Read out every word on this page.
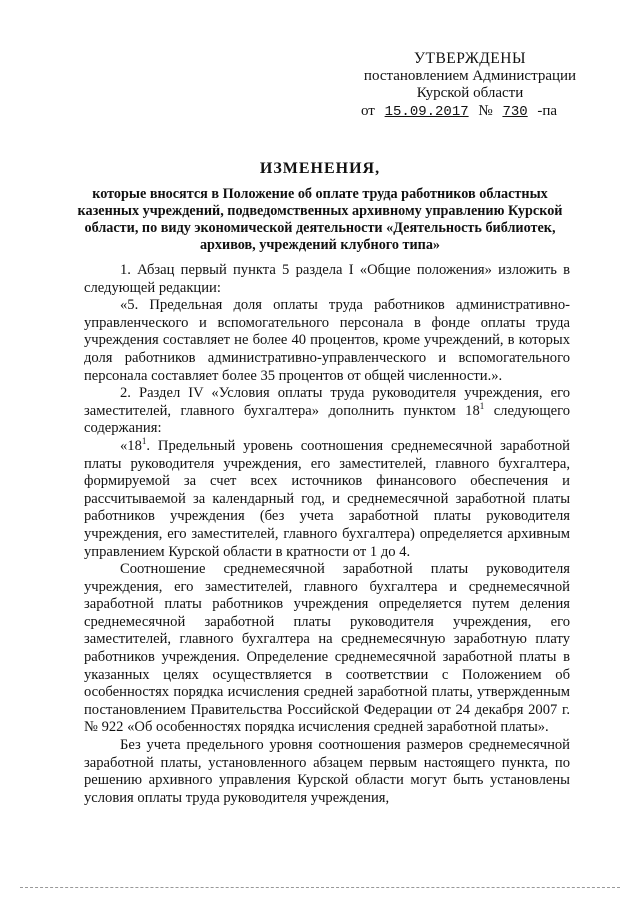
УТВЕРЖДЕНЫ
постановлением Администрации
Курской области
от 15.09.2017 № 730 -па
ИЗМЕНЕНИЯ,
которые вносятся в Положение об оплате труда работников областных казенных учреждений, подведомственных архивному управлению Курской области, по виду экономической деятельности «Деятельность библиотек, архивов, учреждений клубного типа»

1. Абзац первый пункта 5 раздела I «Общие положения» изложить в следующей редакции:

«5. Предельная доля оплаты труда работников административно-управленческого и вспомогательного персонала в фонде оплаты труда учреждения составляет не более 40 процентов, кроме учреждений, в которых доля работников административно-управленческого и вспомогательного персонала составляет более 35 процентов от общей численности.».

2. Раздел IV «Условия оплаты труда руководителя учреждения, его заместителей, главного бухгалтера» дополнить пунктом $18^1$ следующего содержания:

«$18^1$. Предельный уровень соотношения среднемесячной заработной платы руководителя учреждения, его заместителей, главного бухгалтера, формируемой за счет всех источников финансового обеспечения и рассчитываемой за календарный год, и среднемесячной заработной платы работников учреждения (без учета заработной платы руководителя учреждения, его заместителей, главного бухгалтера) определяется архивным управлением Курской области в кратности от 1 до 4.

Соотношение среднемесячной заработной платы руководителя учреждения, его заместителей, главного бухгалтера и среднемесячной заработной платы работников учреждения определяется путем деления среднемесячной заработной платы руководителя учреждения, его заместителей, главного бухгалтера на среднемесячную заработную плату работников учреждения. Определение среднемесячной заработной платы в указанных целях осуществляется в соответствии с Положением об особенностях порядка исчисления средней заработной платы, утвержденным постановлением Правительства Российской Федерации от 24 декабря 2007 г. № 922 «Об особенностях порядка исчисления средней заработной платы».

Без учета предельного уровня соотношения размеров среднемесячной заработной платы, установленного абзацем первым настоящего пункта, по решению архивного управления Курской области могут быть установлены условия оплаты труда руководителя учреждения,
